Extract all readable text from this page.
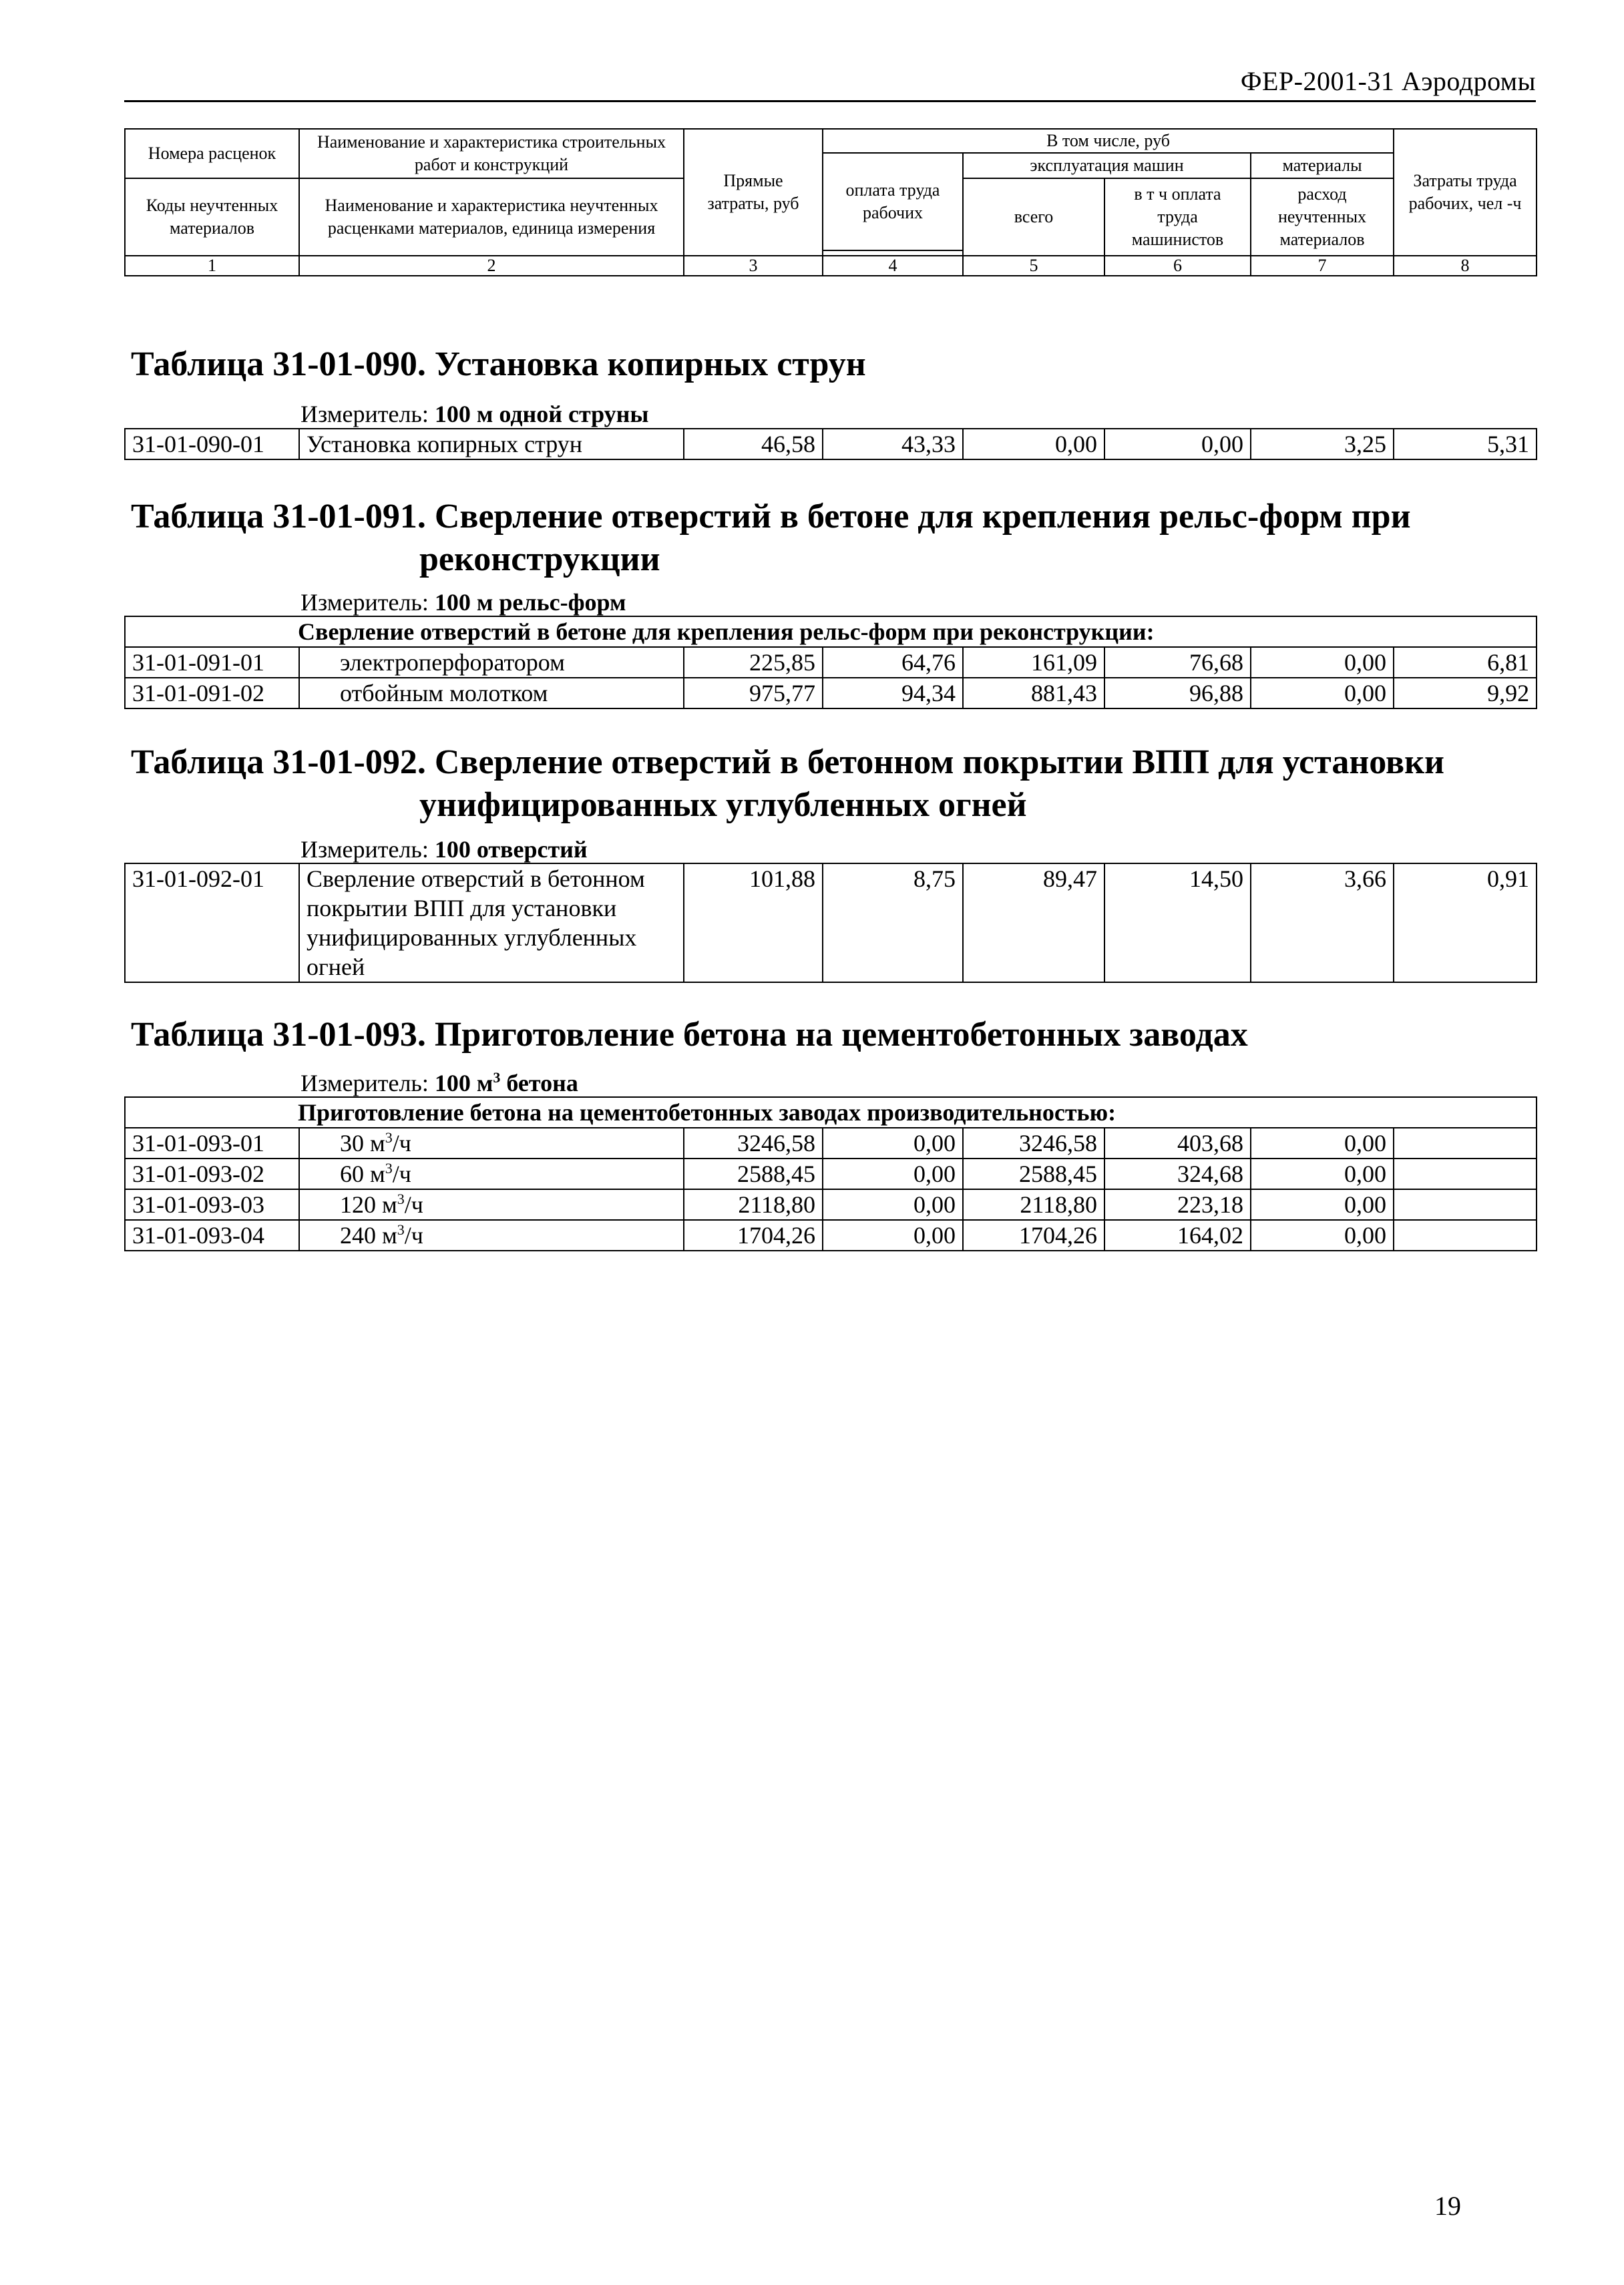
ФЕР-2001-31 Аэродромы
Номера расценок	Наименование и характеристика строительных работ и конструкций	Прямые затраты, руб	В том числе, руб				Затраты труда рабочих, чел -ч
			оплата труда рабочих	эксплуатация машин		материалы	
Коды неучтенных материалов	Наименование и характеристика неучтенных расценками материалов, единица измерения			всего	в т ч оплата труда машинистов	расход неучтенных материалов	

1	2	3	4	5	6	7	8
Таблица 31-01-090. Установка копирных струн
Измеритель: 100 м одной струны
31-01-090-01	Установка копирных струн	46,58	43,33	0,00	0,00	3,25	5,31
Таблица 31-01-091. Сверление отверстий в бетоне для крепления рельс-форм при
реконструкции
Измеритель: 100 м рельс-форм
Сверление отверстий в бетоне для крепления рельс-форм при реконструкции:							
31-01-091-01	электроперфоратором	225,85	64,76	161,09	76,68	0,00	6,81
31-01-091-02	отбойным молотком	975,77	94,34	881,43	96,88	0,00	9,92
Таблица 31-01-092. Сверление отверстий в бетонном покрытии ВПП для установки
унифицированных углубленных огней
Измеритель: 100 отверстий
31-01-092-01	Сверление отверстий в бетонном покрытии ВПП для установки унифицированных углубленных огней	101,88	8,75	89,47	14,50	3,66	0,91
Таблица 31-01-093. Приготовление бетона на цементобетонных заводах
Измеритель: 100 $м^3$ бетона
Приготовление бетона на цементобетонных заводах производительностью:							
31-01-093-01	30 $м^3/ч$	3246,58	0,00	3246,58	403,68	0,00	
31-01-093-02	60 $м^3/ч$	2588,45	0,00	2588,45	324,68	0,00	
31-01-093-03	120 $м^3/ч$	2118,80	0,00	2118,80	223,18	0,00	
31-01-093-04	240 $м^3/ч$	1704,26	0,00	1704,26	164,02	0,00	
19
